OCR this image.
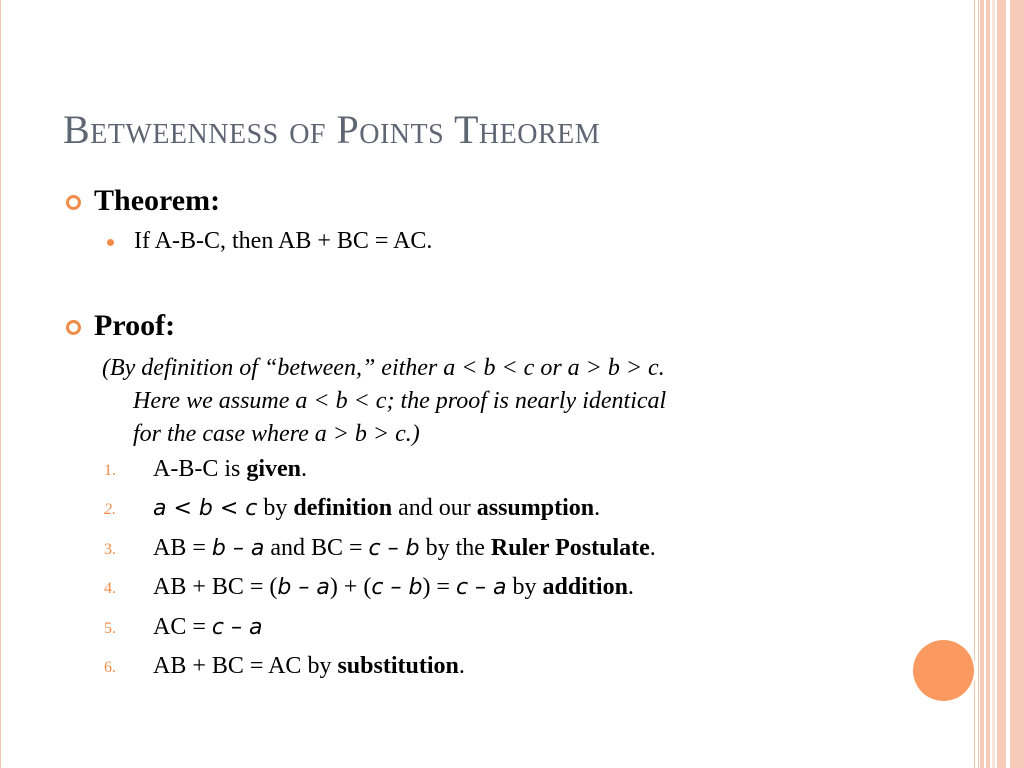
Betweenness of Points Theorem
Theorem:
If A-B-C, then AB + BC = AC.
Proof:
(By definition of “between,” either a < b < c or a > b > c.
Here we assume a < b < c; the proof is nearly identical
for the case where a > b > c.)
1.	A-B-C is given.
2.	a < b < c by definition and our assumption.
3.	AB = b – a and BC = c – b by the Ruler Postulate.
4.	AB + BC = (b – a) + (c – b) = c – a by addition.
5.	AC = c – a
6.	AB + BC = AC by substitution.
